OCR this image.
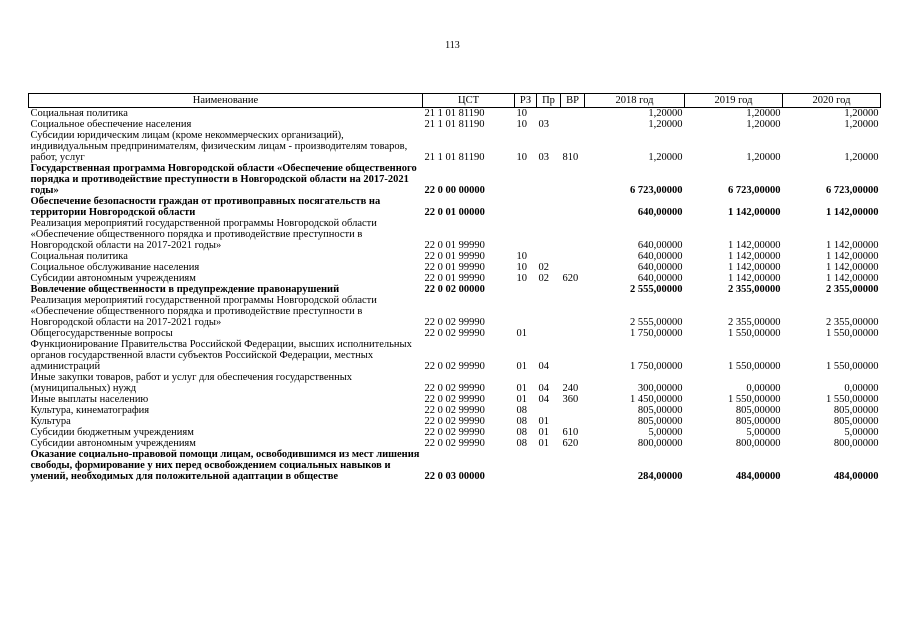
113
Наименование	ЦСТ	РЗ	Пр	ВР	2018 год	2019 год	2020 год
Социальная политика	21 1 01 81190	10			1,20000	1,20000	1,20000
Социальное обеспечение населения	21 1 01 81190	10	03		1,20000	1,20000	1,20000
Субсидии юридическим лицам (кроме некоммерческих организаций), индивидуальным предпринимателям, физическим лицам - производителям товаров, работ, услуг	21 1 01 81190	10	03	810	1,20000	1,20000	1,20000
Государственная программа Новгородской области «Обеспечение общественного порядка и противодействие преступности в Новгородской области на 2017-2021 годы»	22 0 00 00000				6 723,00000	6 723,00000	6 723,00000
Обеспечение безопасности граждан от противоправных посягательств на территории Новгородской области	22 0 01 00000				640,00000	1 142,00000	1 142,00000
Реализация мероприятий государственной программы Новгородской области «Обеспечение общественного порядка и противодействие преступности в Новгородской области на 2017-2021 годы»	22 0 01 99990				640,00000	1 142,00000	1 142,00000
Социальная политика	22 0 01 99990	10			640,00000	1 142,00000	1 142,00000
Социальное обслуживание населения	22 0 01 99990	10	02		640,00000	1 142,00000	1 142,00000
Субсидии автономным учреждениям	22 0 01 99990	10	02	620	640,00000	1 142,00000	1 142,00000
Вовлечение общественности в предупреждение правонарушений	22 0 02 00000				2 555,00000	2 355,00000	2 355,00000
Реализация мероприятий государственной программы Новгородской области «Обеспечение общественного порядка и противодействие преступности в Новгородской области на 2017-2021 годы»	22 0 02 99990				2 555,00000	2 355,00000	2 355,00000
Общегосударственные вопросы	22 0 02 99990	01			1 750,00000	1 550,00000	1 550,00000
Функционирование Правительства Российской Федерации, высших исполнительных органов государственной власти субъектов Российской Федерации, местных администраций	22 0 02 99990	01	04		1 750,00000	1 550,00000	1 550,00000
Иные закупки товаров, работ и услуг для обеспечения государственных (муниципальных) нужд	22 0 02 99990	01	04	240	300,00000	0,00000	0,00000
Иные выплаты населению	22 0 02 99990	01	04	360	1 450,00000	1 550,00000	1 550,00000
Культура, кинематография	22 0 02 99990	08			805,00000	805,00000	805,00000
Культура	22 0 02 99990	08	01		805,00000	805,00000	805,00000
Субсидии бюджетным учреждениям	22 0 02 99990	08	01	610	5,00000	5,00000	5,00000
Субсидии автономным учреждениям	22 0 02 99990	08	01	620	800,00000	800,00000	800,00000
Оказание социально-правовой помощи лицам, освободившимся из мест лишения свободы, формирование у них перед освобождением социальных навыков и умений, необходимых для положительной адаптации в обществе	22 0 03 00000				284,00000	484,00000	484,00000
